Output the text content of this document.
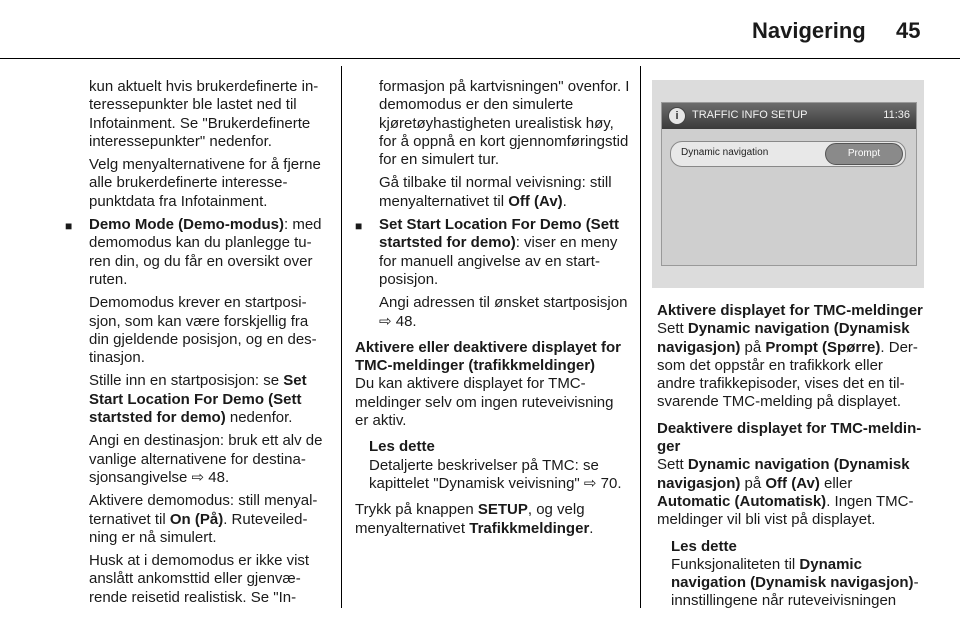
Navigering 45

kun aktuelt hvis brukerdefinerte interessepunkter ble lastet ned til Infotainment. Se "Brukerdefinerte interessepunkter" nedenfor.

Velg menyalternativene for å fjerne alle brukerdefinerte interessepunktdata fra Infotainment.

■ Demo Mode (Demo-modus): med demomodus kan du planlegge turen din, og du får en oversikt over ruten.

Demomodus krever en startposisjon, som kan være forskjellig fra din gjeldende posisjon, og en destinasjon.

Stille inn en startposisjon: se Set Start Location For Demo (Sett startsted for demo) nedenfor.

Angi en destinasjon: bruk ett alv de vanlige alternativene for destinasjonsangivelse ⇨ 48.

Aktivere demomodus: still menyalternativet til On (På). Ruteveiledning er nå simulert.

Husk at i demomodus er ikke vist anslått ankomsttid eller gjenværende reisetid realistisk. Se "In-

formasjon på kartvisningen" ovenfor. I demomodus er den simulerte kjøretøyhastigheten urealistisk høy, for å oppnå en kort gjennomføringstid for en simulert tur.

Gå tilbake til normal veivisning: still menyalternativet til Off (Av).

■ Set Start Location For Demo (Sett startsted for demo): viser en meny for manuell angivelse av en startposisjon.

Angi adressen til ønsket startposisjon ⇨ 48.

Aktivere eller deaktivere displayet for TMC-meldinger (trafikkmeldinger)

Du kan aktivere displayet for TMC-meldinger selv om ingen ruteveivisning er aktiv.

Les dette

Detaljerte beskrivelser på TMC: se kapittelet "Dynamisk veivisning" ⇨ 70.

Trykk på knappen SETUP, og velg menyalternativet Trafikkmeldinger.

i	TRAFFIC INFO SETUP	11:36
Dynamic navigation	Prompt

Aktivere displayet for TMC-meldinger

Sett Dynamic navigation (Dynamisk navigasjon) på Prompt (Spørre). Dersom det oppstår en trafikkork eller andre trafikkepisoder, vises det en tilsvarende TMC-melding på displayet.

Deaktivere displayet for TMC-meldinger

Sett Dynamic navigation (Dynamisk navigasjon) på Off (Av) eller Automatic (Automatisk). Ingen TMC-meldinger vil bli vist på displayet.

Les dette

Funksjonaliteten til Dynamic navigation (Dynamisk navigasjon)-innstillingene når ruteveivisningen
